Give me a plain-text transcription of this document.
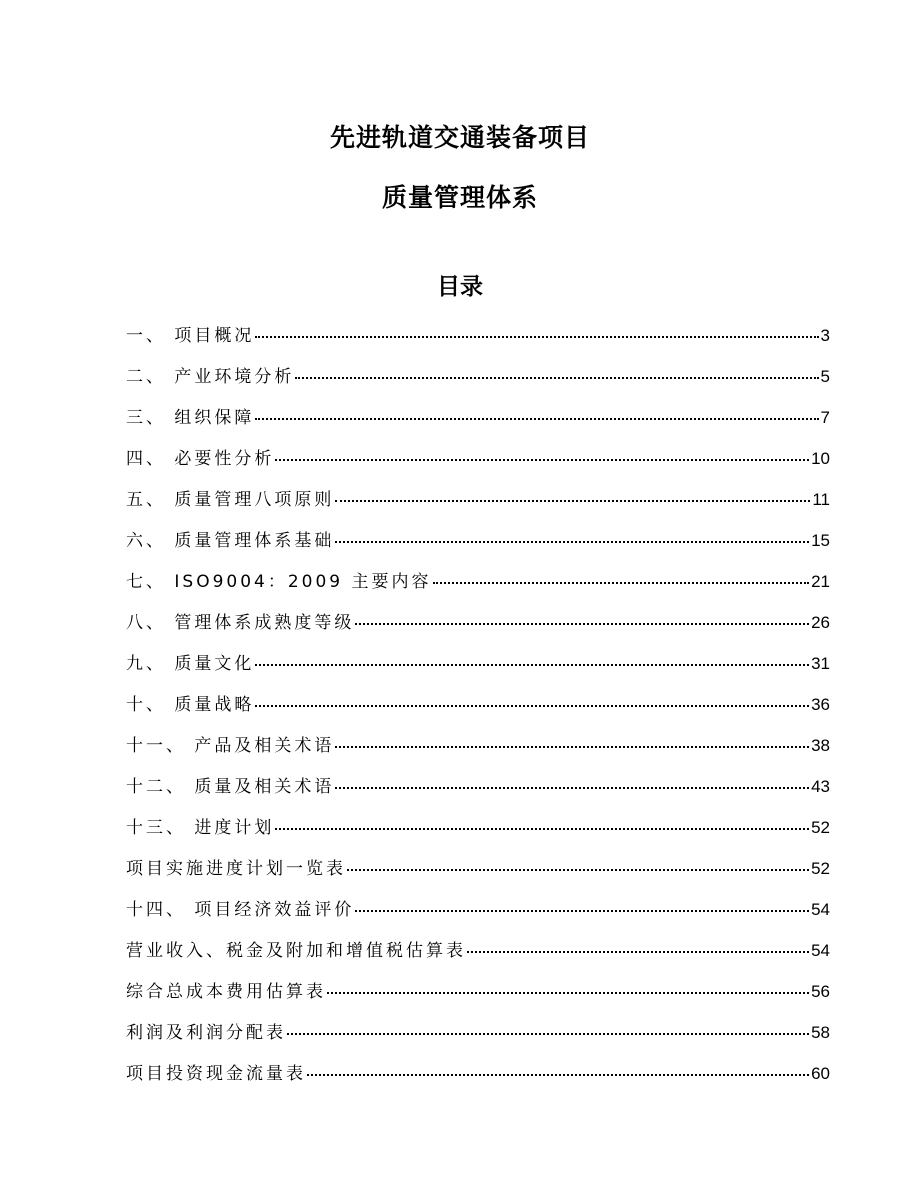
先进轨道交通装备项目
质量管理体系
目录
一、 项目概况	3
二、 产业环境分析	5
三、 组织保障	7
四、 必要性分析	10
五、 质量管理八项原则	11
六、 质量管理体系基础	15
七、 ISO9004：2009 主要内容	21
八、 管理体系成熟度等级	26
九、 质量文化	31
十、 质量战略	36
十一、 产品及相关术语	38
十二、 质量及相关术语	43
十三、 进度计划	52
项目实施进度计划一览表	52
十四、 项目经济效益评价	54
营业收入、税金及附加和增值税估算表	54
综合总成本费用估算表	56
利润及利润分配表	58
项目投资现金流量表	60
